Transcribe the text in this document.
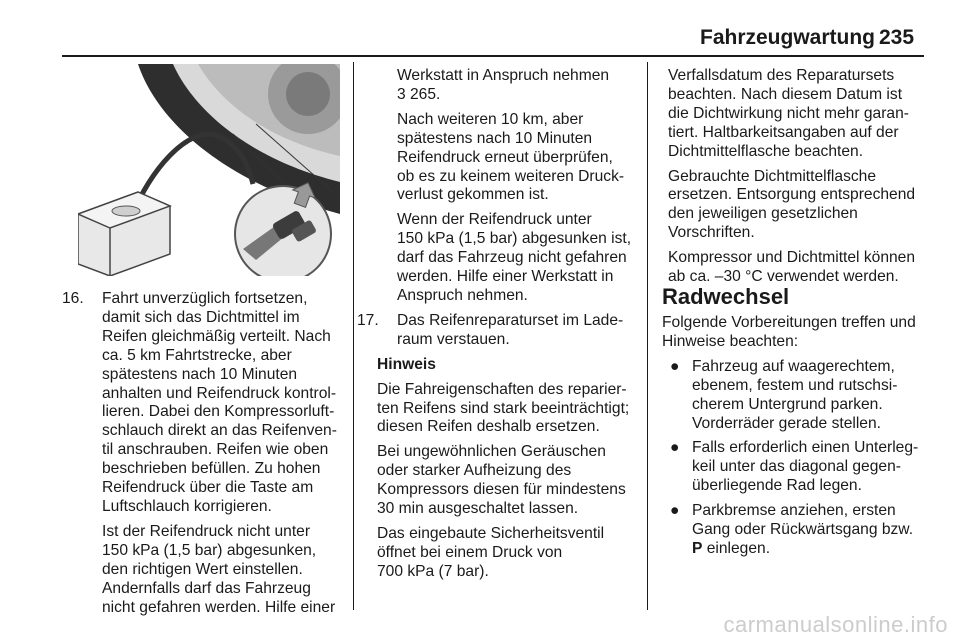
Fahrzeugwartung 235
16. Fahrt unverzüglich fortsetzen,
damit sich das Dichtmittel im
Reifen gleichmäßig verteilt. Nach
ca. 5 km Fahrtstrecke, aber
spätestens nach 10 Minuten
anhalten und Reifendruck kontrol-
lieren. Dabei den Kompressorluft-
schlauch direkt an das Reifenven-
til anschrauben. Reifen wie oben
beschrieben befüllen. Zu hohen
Reifendruck über die Taste am
Luftschlauch korrigieren.

Ist der Reifendruck nicht unter
150 kPa (1,5 bar) abgesunken,
den richtigen Wert einstellen.
Andernfalls darf das Fahrzeug
nicht gefahren werden. Hilfe einer

Werkstatt in Anspruch nehmen
3 265.

Nach weiteren 10 km, aber
spätestens nach 10 Minuten
Reifendruck erneut überprüfen,
ob es zu keinem weiteren Druck-
verlust gekommen ist.

Wenn der Reifendruck unter
150 kPa (1,5 bar) abgesunken ist,
darf das Fahrzeug nicht gefahren
werden. Hilfe einer Werkstatt in
Anspruch nehmen.

17. Das Reifenreparaturset im Lade-
raum verstauen.

Hinweis

Die Fahreigenschaften des reparier-
ten Reifens sind stark beeinträchtigt;
diesen Reifen deshalb ersetzen.

Bei ungewöhnlichen Geräuschen
oder starker Aufheizung des
Kompressors diesen für mindestens
30 min ausgeschaltet lassen.

Das eingebaute Sicherheitsventil
öffnet bei einem Druck von
700 kPa (7 bar).

Verfallsdatum des Reparatursets
beachten. Nach diesem Datum ist
die Dichtwirkung nicht mehr garan-
tiert. Haltbarkeitsangaben auf der
Dichtmittelflasche beachten.

Gebrauchte Dichtmittelflasche
ersetzen. Entsorgung entsprechend
den jeweiligen gesetzlichen
Vorschriften.

Kompressor und Dichtmittel können
ab ca. –30 °C verwendet werden.

Radwechsel

Folgende Vorbereitungen treffen und
Hinweise beachten:

● Fahrzeug auf waagerechtem,
ebenem, festem und rutschsi-
cherem Untergrund parken.
Vorderräder gerade stellen.
● Falls erforderlich einen Unterleg-
keil unter das diagonal gegen-
überliegende Rad legen.
● Parkbremse anziehen, ersten
Gang oder Rückwärtsgang bzw.
P einlegen.
carmanualsonline.info
